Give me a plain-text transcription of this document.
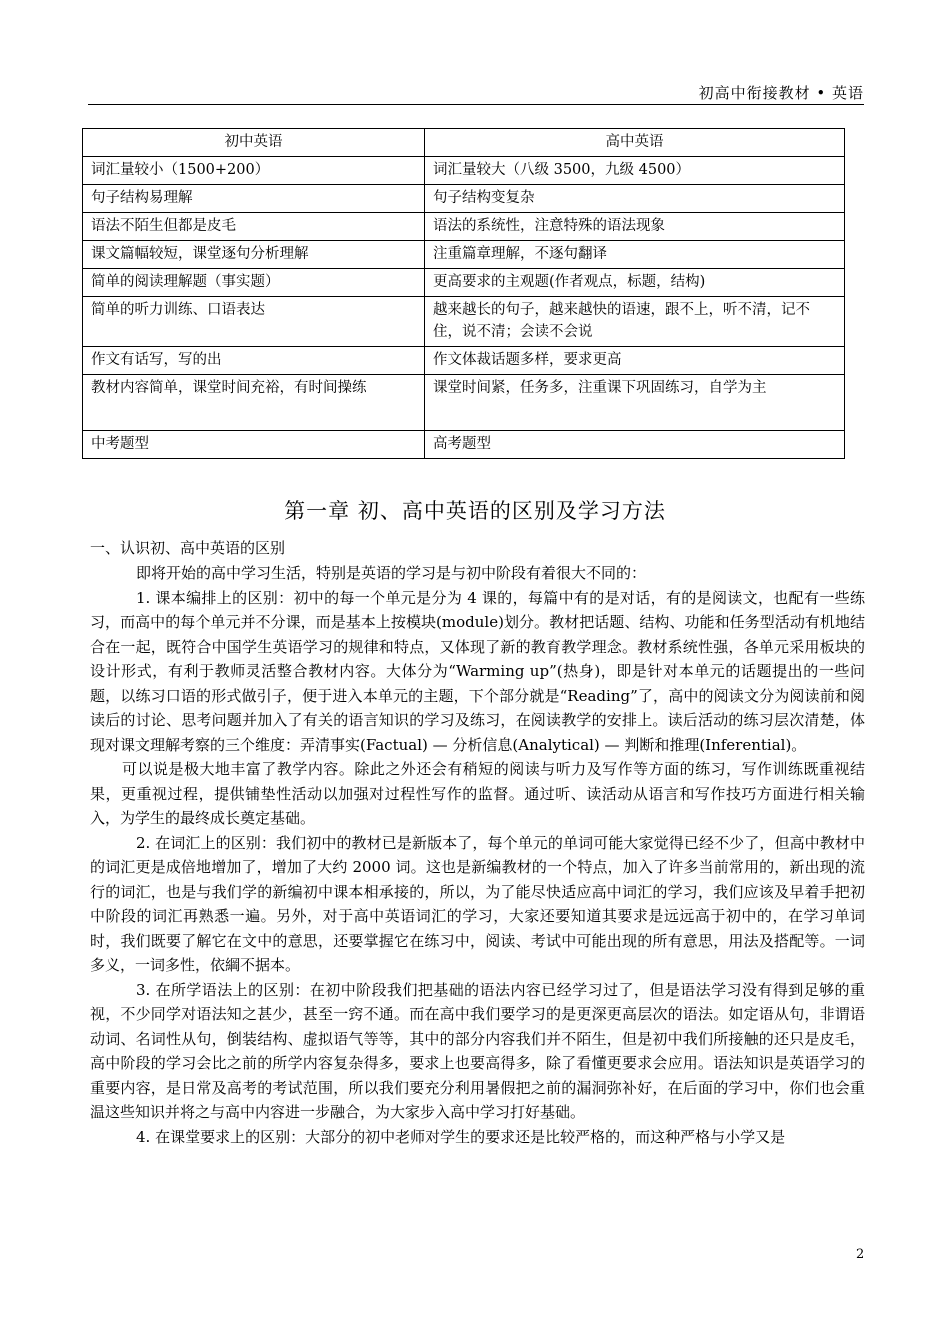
初高中衔接教材 • 英语
初中英语	高中英语
词汇量较小（1500+200）	词汇量较大（八级 3500，九级 4500）
句子结构易理解	句子结构变复杂
语法不陌生但都是皮毛	语法的系统性，注意特殊的语法现象
课文篇幅较短，课堂逐句分析理解	注重篇章理解，不逐句翻译
简单的阅读理解题（事实题）	更高要求的主观题(作者观点，标题，结构)
简单的听力训练、口语表达	越来越长的句子，越来越快的语速，跟不上，听不清，记不住，说不清；会读不会说
作文有话写，写的出	作文体裁话题多样，要求更高
教材内容简单，课堂时间充裕，有时间操练	课堂时间紧，任务多，注重课下巩固练习，自学为主
中考题型	高考题型
第一章 初、高中英语的区别及学习方法
一、认识初、高中英语的区别

即将开始的高中学习生活，特别是英语的学习是与初中阶段有着很大不同的：

1. 课本编排上的区别：初中的每一个单元是分为 4 课的，每篇中有的是对话，有的是阅读文，也配有一些练习，而高中的每个单元并不分课，而是基本上按模块(module)划分。教材把话题、结构、功能和任务型活动有机地结合在一起，既符合中国学生英语学习的规律和特点，又体现了新的教育教学理念。教材系统性强，各单元采用板块的设计形式，有利于教师灵活整合教材内容。大体分为“Warming up”(热身)，即是针对本单元的话题提出的一些问题，以练习口语的形式做引子，便于进入本单元的主题，下个部分就是“Reading”了，高中的阅读文分为阅读前和阅读后的讨论、思考问题并加入了有关的语言知识的学习及练习，在阅读教学的安排上。读后活动的练习层次清楚，体现对课文理解考察的三个维度：弄清事实(Factual) — 分析信息(Analytical) — 判断和推理(Inferential)。

可以说是极大地丰富了教学内容。除此之外还会有稍短的阅读与听力及写作等方面的练习，写作训练既重视结果，更重视过程，提供铺垫性活动以加强对过程性写作的监督。通过听、读活动从语言和写作技巧方面进行相关输入，为学生的最终成长奠定基础。

2. 在词汇上的区别：我们初中的教材已是新版本了，每个单元的单词可能大家觉得已经不少了，但高中教材中的词汇更是成倍地增加了，增加了大约 2000 词。这也是新编教材的一个特点，加入了许多当前常用的，新出现的流行的词汇，也是与我们学的新编初中课本相承接的，所以，为了能尽快适应高中词汇的学习，我们应该及早着手把初中阶段的词汇再熟悉一遍。另外，对于高中英语词汇的学习，大家还要知道其要求是远远高于初中的，在学习单词时，我们既要了解它在文中的意思，还要掌握它在练习中，阅读、考试中可能出现的所有意思，用法及搭配等。一词多义，一词多性，依綱不据本。

3. 在所学语法上的区别：在初中阶段我们把基础的语法内容已经学习过了，但是语法学习没有得到足够的重视，不少同学对语法知之甚少，甚至一窍不通。而在高中我们要学习的是更深更高层次的语法。如定语从句，非谓语动词、名词性从句，倒装结构、虚拟语气等等，其中的部分内容我们并不陌生，但是初中我们所接触的还只是皮毛，高中阶段的学习会比之前的所学内容复杂得多，要求上也要高得多，除了看懂更要求会应用。语法知识是英语学习的重要内容，是日常及高考的考试范围，所以我们要充分利用暑假把之前的漏洞弥补好，在后面的学习中，你们也会重温这些知识并将之与高中内容进一步融合，为大家步入高中学习打好基础。

4. 在课堂要求上的区别：大部分的初中老师对学生的要求还是比较严格的，而这种严格与小学又是

2
